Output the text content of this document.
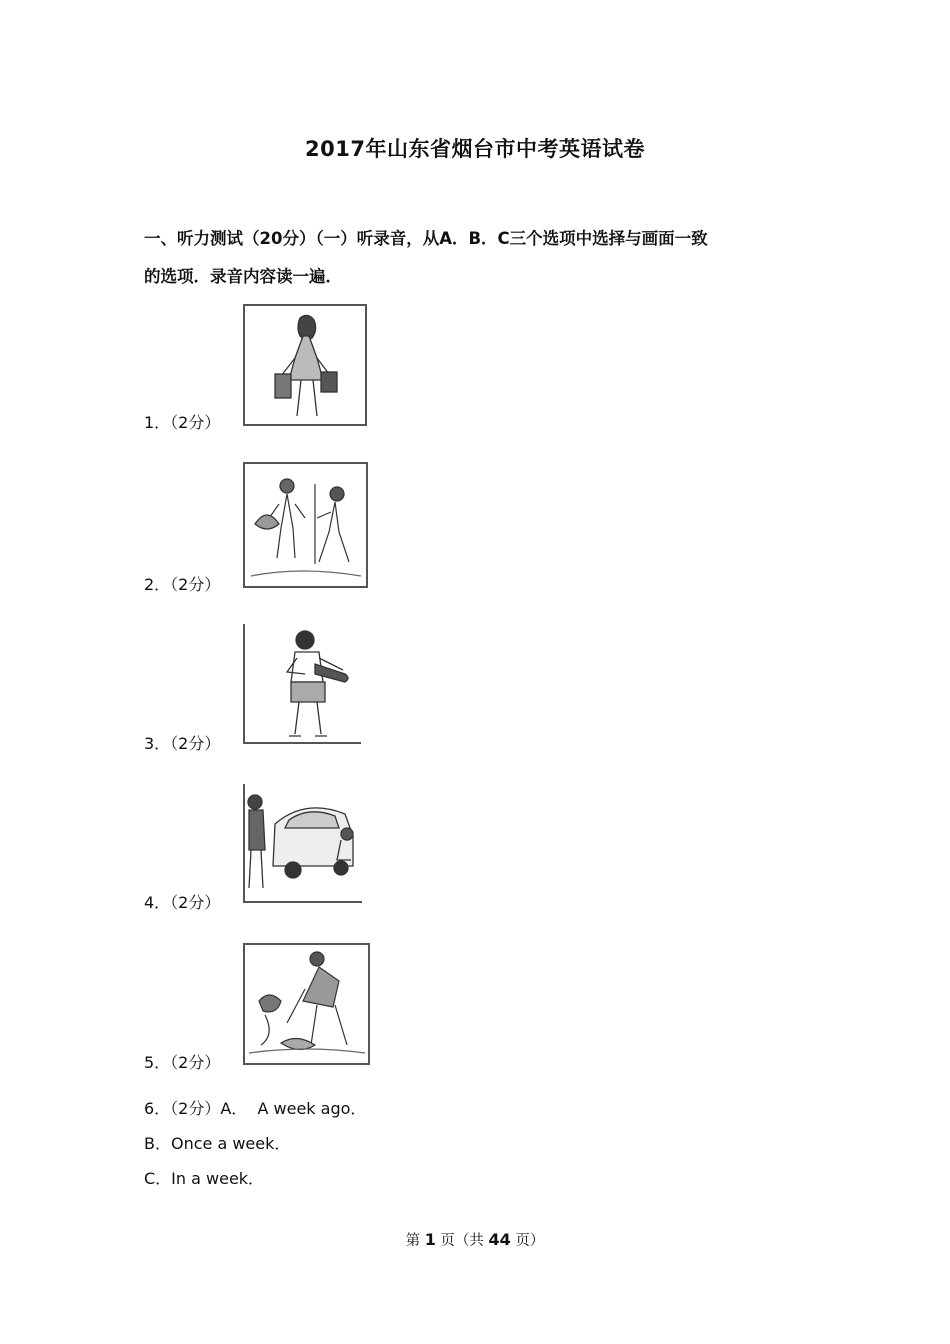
2017年山东省烟台市中考英语试卷
一、听力测试（20分）（一）听录音，从A．B．C三个选项中选择与画面一致
的选项．录音内容读一遍．
1．（2分）
2．（2分）
3．（2分）
4．（2分）
5．（2分）
6．（2分）A．  A week ago．
B．Once a week．
C．In a week．
第 1 页（共 44 页）
